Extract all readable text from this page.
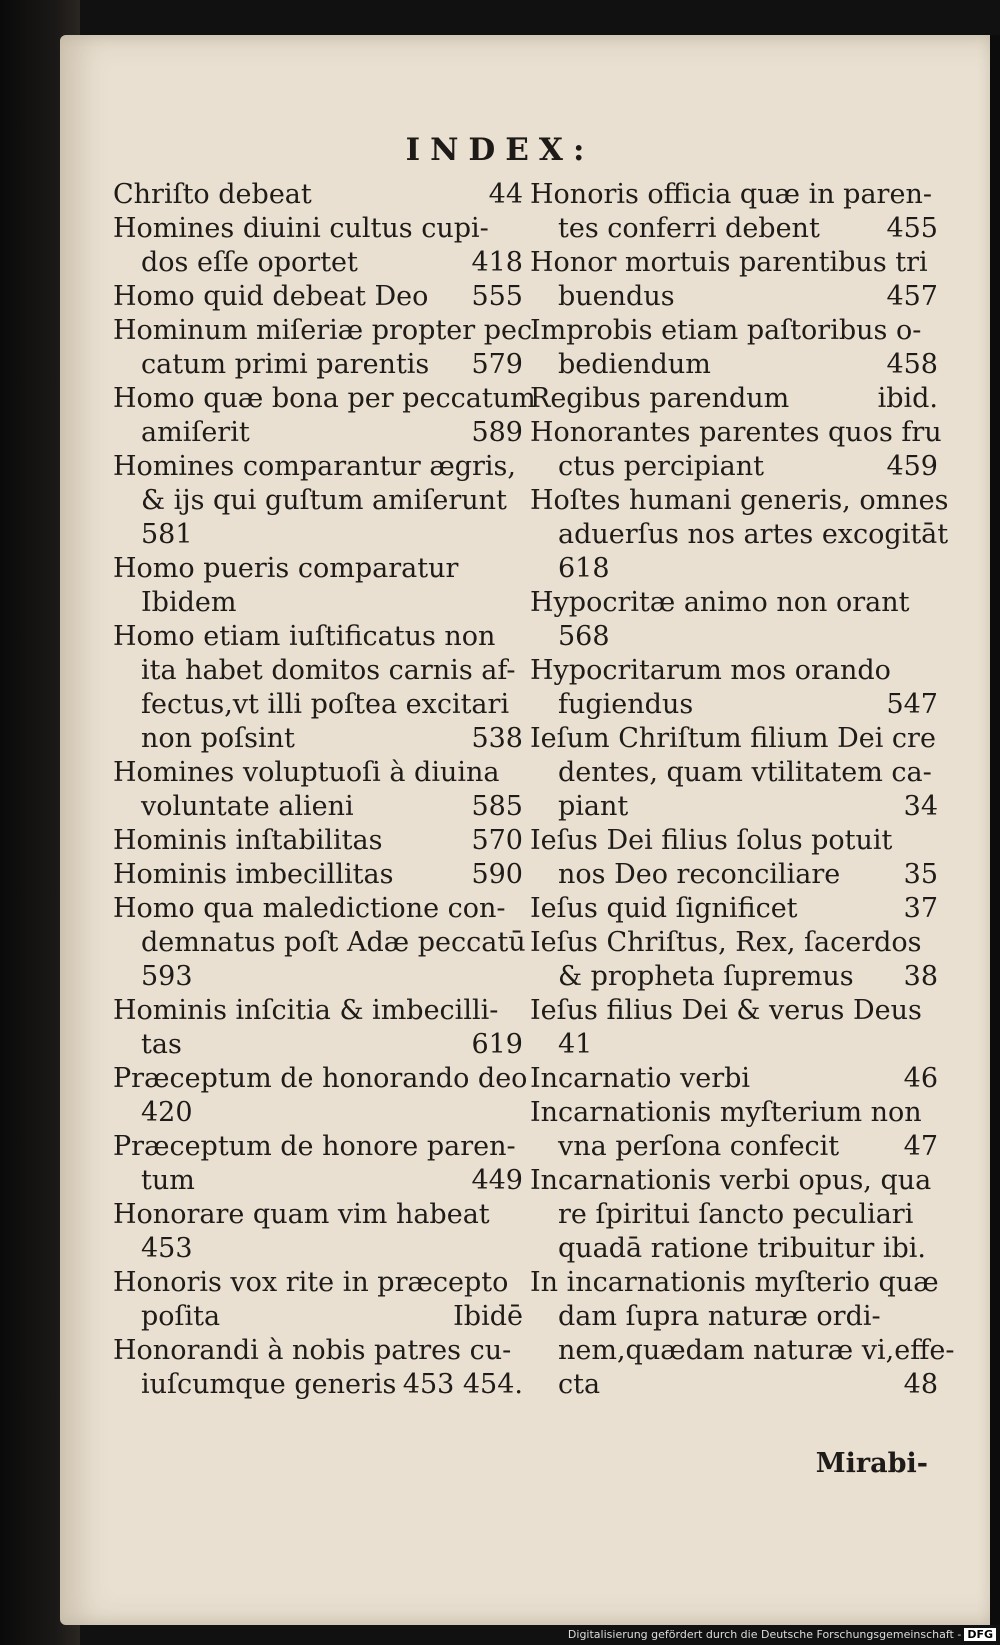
INDEX:
Chriſto debeat	44
Homines diuini cultus cupi-
dos eſſe oportet	418
Homo quid debeat Deo	555
Hominum miſeriæ propter pec
catum primi parentis	579
Homo quæ bona per peccatum
amiſerit	589
Homines comparantur ægris,
& ijs qui guſtum amiſerunt
581
Homo pueris comparatur
Ibidem
Homo etiam iuſtificatus non
ita habet domitos carnis af-
fectus,vt illi poſtea excitari
non poſsint	538
Homines voluptuoſi à diuina
voluntate alieni	585
Hominis inſtabilitas	570
Hominis imbecillitas	590
Homo qua maledictione con-
demnatus poſt Adæ peccatū
593
Hominis inſcitia & imbecilli-
tas	619
Præceptum de honorando deo
420
Præceptum de honore paren-
tum	449
Honorare quam vim habeat
453
Honoris vox rite in præcepto
poſita	Ibidē
Honorandi à nobis patres cu-
iuſcumque generis 453 454.
Honoris officia quæ in paren-
tes conferri debent	455
Honor mortuis parentibus tri
buendus	457
Improbis etiam paſtoribus o-
bediendum	458
Regibus parendum	ibid.
Honorantes parentes quos fru
ctus percipiant	459
Hoſtes humani generis, omnes
aduerſus nos artes excogitāt
618
Hypocritæ animo non orant
568
Hypocritarum mos orando
fugiendus	547
Ieſum Chriſtum filium Dei cre
dentes, quam vtilitatem ca-
piant	34
Ieſus Dei filius ſolus potuit
nos Deo reconciliare	35
Ieſus quid ſignificet	37
Ieſus Chriſtus, Rex, ſacerdos
& propheta ſupremus	38
Ieſus filius Dei & verus Deus
41
Incarnatio verbi	46
Incarnationis myſterium non
vna perſona confecit	47
Incarnationis verbi opus, qua
re ſpiritui ſancto peculiari
quadā ratione tribuitur ibi.
In incarnationis myſterio quæ
dam ſupra naturæ ordi-
nem,quædam naturæ vi,effe-
cta	48
Mirabi-
Digitalisierung gefördert durch die Deutsche Forschungsgemeinschaft - DFG
